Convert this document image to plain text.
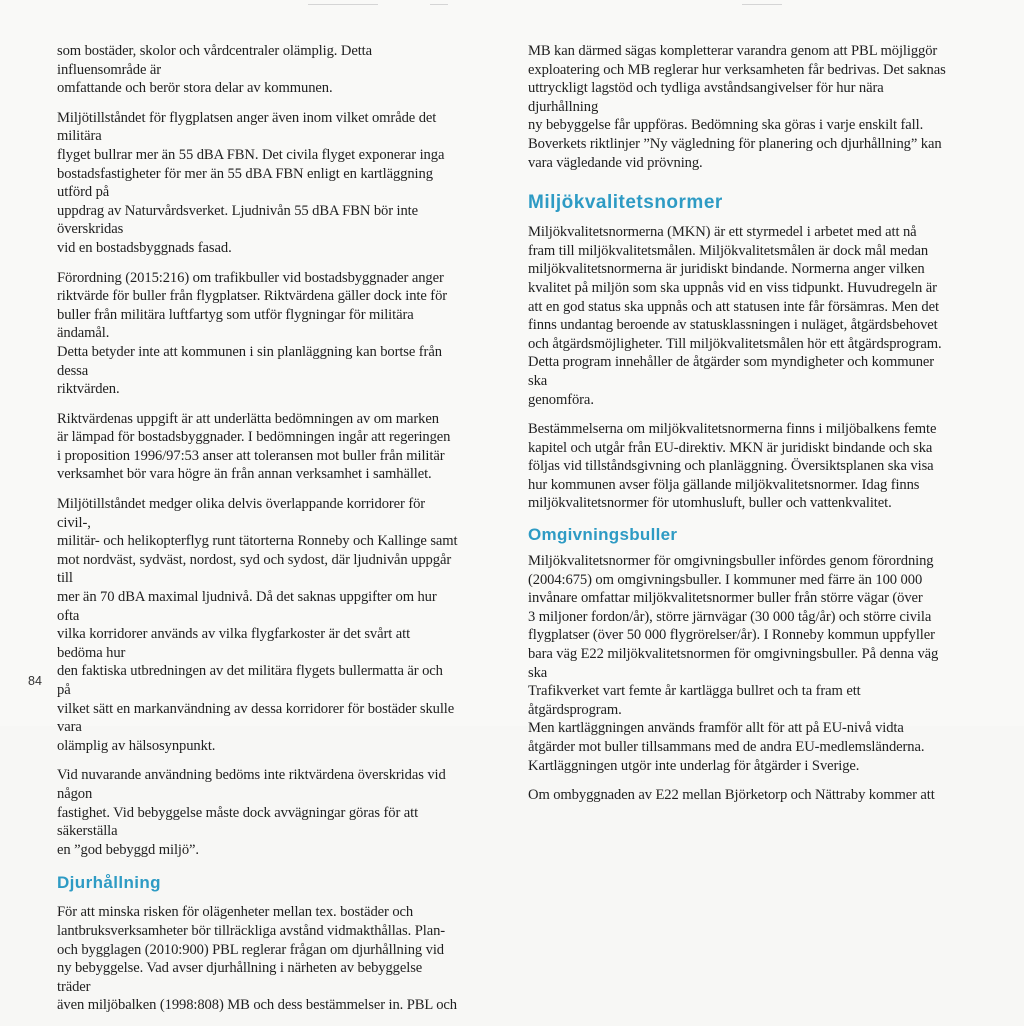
som bostäder, skolor och vårdcentraler olämplig. Detta influensområde är
omfattande och berör stora delar av kommunen.

Miljötillståndet för flygplatsen anger även inom vilket område det militära
flyget bullrar mer än 55 dBA FBN. Det civila flyget exponerar inga
bostadsfastigheter för mer än 55 dBA FBN enligt en kartläggning utförd på
uppdrag av Naturvårdsverket. Ljudnivån 55 dBA FBN bör inte överskridas
vid en bostadsbyggnads fasad.

Förordning (2015:216) om trafikbuller vid bostadsbyggnader anger
riktvärde för buller från flygplatser. Riktvärdena gäller dock inte för
buller från militära luftfartyg som utför flygningar för militära ändamål.
Detta betyder inte att kommunen i sin planläggning kan bortse från dessa
riktvärden.

Riktvärdenas uppgift är att underlätta bedömningen av om marken
är lämpad för bostadsbyggnader. I bedömningen ingår att regeringen
i proposition 1996/97:53 anser att toleransen mot buller från militär
verksamhet bör vara högre än från annan verksamhet i samhället.

Miljötillståndet medger olika delvis överlappande korridorer för civil-,
militär- och helikopterflyg runt tätorterna Ronneby och Kallinge samt
mot nordväst, sydväst, nordost, syd och sydost, där ljudnivån uppgår till
mer än 70 dBA maximal ljudnivå. Då det saknas uppgifter om hur ofta
vilka korridorer används av vilka flygfarkoster är det svårt att bedöma hur
den faktiska utbredningen av det militära flygets bullermatta är och på
vilket sätt en markanvändning av dessa korridorer för bostäder skulle vara
olämplig av hälsosynpunkt.

Vid nuvarande användning bedöms inte riktvärdena överskridas vid någon
fastighet. Vid bebyggelse måste dock avvägningar göras för att säkerställa
en ”god bebyggd miljö”.

Djurhållning

För att minska risken för olägenheter mellan tex. bostäder och
lantbruksverksamheter bör tillräckliga avstånd vidmakthållas. Plan-
och bygglagen (2010:900) PBL reglerar frågan om djurhållning vid
ny bebyggelse. Vad avser djurhållning i närheten av bebyggelse träder
även miljöbalken (1998:808) MB och dess bestämmelser in. PBL och

MB kan därmed sägas kompletterar varandra genom att PBL möjliggör
exploatering och MB reglerar hur verksamheten får bedrivas. Det saknas
uttryckligt lagstöd och tydliga avståndsangivelser för hur nära djurhållning
ny bebyggelse får uppföras. Bedömning ska göras i varje enskilt fall.
Boverkets riktlinjer ”Ny vägledning för planering och djurhållning” kan
vara vägledande vid prövning.

Miljökvalitetsnormer

Miljökvalitetsnormerna (MKN) är ett styrmedel i arbetet med att nå
fram till miljökvalitetsmålen. Miljökvalitetsmålen är dock mål medan
miljökvalitetsnormerna är juridiskt bindande. Normerna anger vilken
kvalitet på miljön som ska uppnås vid en viss tidpunkt. Huvudregeln är
att en god status ska uppnås och att statusen inte får försämras. Men det
finns undantag beroende av statusklassningen i nuläget, åtgärdsbehovet
och åtgärdsmöjligheter. Till miljökvalitetsmålen hör ett åtgärdsprogram.
Detta program innehåller de åtgärder som myndigheter och kommuner ska
genomföra.

Bestämmelserna om miljökvalitetsnormerna finns i miljöbalkens femte
kapitel och utgår från EU-direktiv. MKN är juridiskt bindande och ska
följas vid tillståndsgivning och planläggning. Översiktsplanen ska visa
hur kommunen avser följa gällande miljökvalitetsnormer. Idag finns
miljökvalitetsnormer för utomhusluft, buller och vattenkvalitet.

Omgivningsbuller

Miljökvalitetsnormer för omgivningsbuller infördes genom förordning
(2004:675) om omgivningsbuller. I kommuner med färre än 100 000
invånare omfattar miljökvalitetsnormer buller från större vägar (över
3 miljoner fordon/år), större järnvägar (30 000 tåg/år) och större civila
flygplatser (över 50 000 flygrörelser/år). I Ronneby kommun uppfyller
bara väg E22 miljökvalitetsnormen för omgivningsbuller. På denna väg ska
Trafikverket vart femte år kartlägga bullret och ta fram ett åtgärdsprogram.
Men kartläggningen används framför allt för att på EU-nivå vidta
åtgärder mot buller tillsammans med de andra EU-medlemsländerna.
Kartläggningen utgör inte underlag för åtgärder i Sverige.

Om ombyggnaden av E22 mellan Björketorp och Nättraby kommer att

84
